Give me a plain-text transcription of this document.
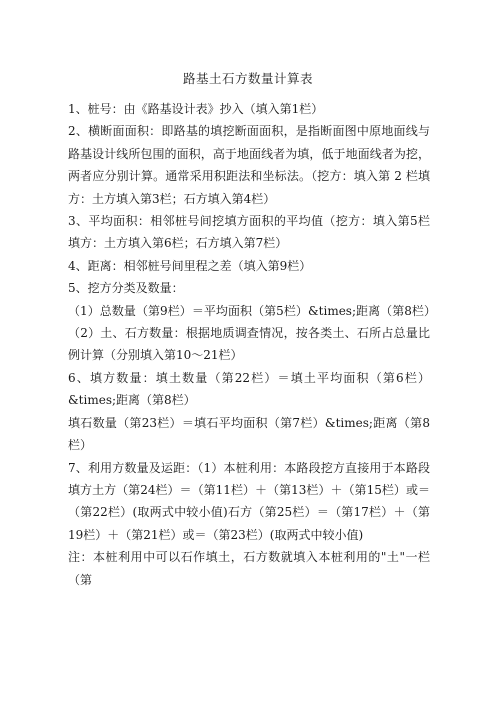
路基土石方数量计算表

1、桩号：由《路基设计表》抄入（填入第1栏）

2、横断面面积：即路基的填挖断面面积，是指断面图中原地面线与路基设计线所包围的面积，高于地面线者为填，低于地面线者为挖，两者应分别计算。通常采用积距法和坐标法。（挖方：填入第 2 栏填方：土方填入第3栏；石方填入第4栏）

3、平均面积：相邻桩号间挖填方面积的平均值（挖方：填入第5栏填方：土方填入第6栏；石方填入第7栏）

4、距离：相邻桩号间里程之差（填入第9栏）

5、挖方分类及数量：

（1）总数量（第9栏）＝平均面积（第5栏）&times;距离（第8栏）（2）土、石方数量：根据地质调查情况，按各类土、石所占总量比例计算（分别填入第10～21栏）

6、填方数量：填土数量（第22栏）＝填土平均面积（第6栏）&times;距离（第8栏）

填石数量（第23栏）＝填石平均面积（第7栏）&times;距离（第8栏）

7、利用方数量及运距：（1）本桩利用：本路段挖方直接用于本路段填方土方（第24栏）＝（第11栏）＋（第13栏）＋（第15栏）或＝（第22栏）(取两式中较小值)石方（第25栏）＝（第17栏）＋（第19栏）＋（第21栏）或＝（第23栏）(取两式中较小值)

注：本桩利用中可以石作填土，石方数就填入本桩利用的"土"一栏（第
